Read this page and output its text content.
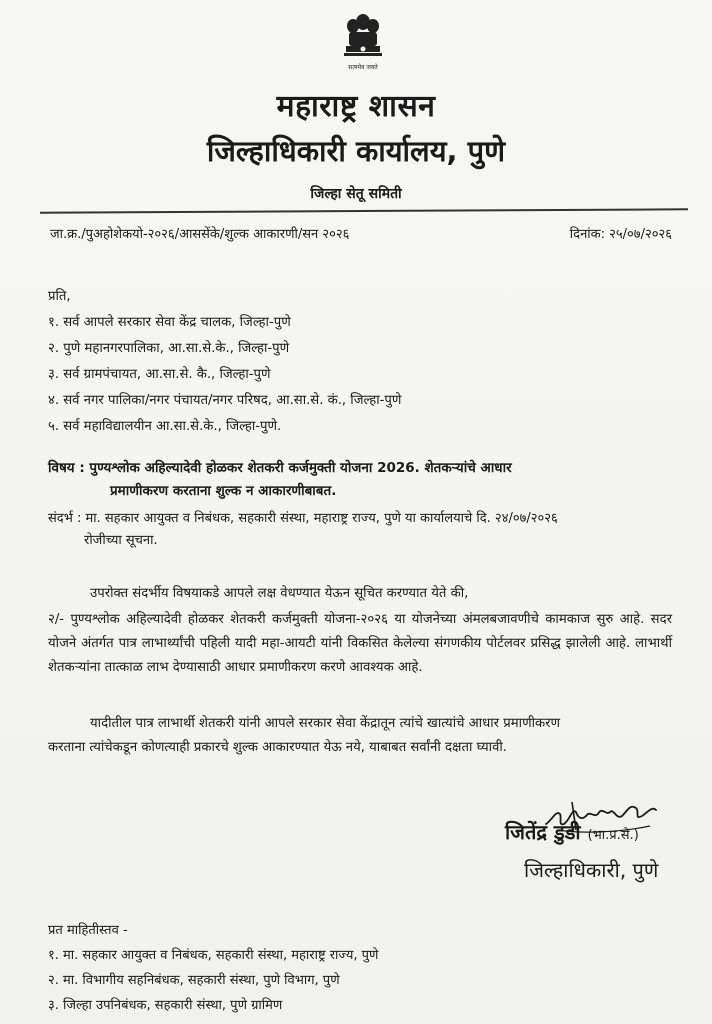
सत्यमेव जयते
महाराष्ट्र शासन
जिल्हाधिकारी कार्यालय, पुणे
जिल्हा सेतू समिती
जा.क्र./पुअहोशेकयो-२०२६/आससेंके/शुल्क आकारणी/सन २०२६	दिनांक: २५/०७/२०२६
प्रति,
१. सर्व आपले सरकार सेवा केंद्र चालक, जिल्हा-पुणे
२. पुणे महानगरपालिका, आ.सा.से.के., जिल्हा-पुणे
३. सर्व ग्रामपंचायत, आ.सा.से. कै., जिल्हा-पुणे
४. सर्व नगर पालिका/नगर पंचायत/नगर परिषद, आ.सा.से. कं., जिल्हा-पुणे
५. सर्व महाविद्यालयीन आ.सा.से.के., जिल्हा-पुणे.
विषय : पुण्यश्लोक अहिल्यादेवी होळकर शेतकरी कर्जमुक्ती योजना 2026. शेतकऱ्यांचे आधार
प्रमाणीकरण करताना शुल्क न आकारणीबाबत.
संदर्भ : मा. सहकार आयुक्त व निबंधक, सहकारी संस्था, महाराष्ट्र राज्य, पुणे या कार्यालयाचे दि. २४/०७/२०२६
रोजीच्या सूचना.
उपरोक्त संदर्भीय विषयाकडे आपले लक्ष वेधण्यात येऊन सूचित करण्यात येते की,
२/- पुण्यश्लोक अहिल्यादेवी होळकर शेतकरी कर्जमुक्ती योजना-२०२६ या योजनेच्या अंमलबजावणीचे कामकाज सुरु आहे. सदर योजने अंतर्गत पात्र लाभार्थ्यांची पहिली यादी महा-आयटी यांनी विकसित केलेल्या संगणकीय पोर्टलवर प्रसिद्ध झालेली आहे. लाभार्थी शेतकऱ्यांना तात्काळ लाभ देण्यासाठी आधार प्रमाणीकरण करणे आवश्यक आहे.
यादीतील पात्र लाभार्थी शेतकरी यांनी आपले सरकार सेवा केंद्रातून त्यांचे खात्यांचे आधार प्रमाणीकरण
करताना त्यांचेकडून कोणत्याही प्रकारचे शुल्क आकारण्यात येऊ नये, याबाबत सर्वांनी दक्षता घ्यावी.
जितेंद्र डुडी (भा.प्र.से.)
जिल्हाधिकारी, पुणे
प्रत माहितीस्तव -
१. मा. सहकार आयुक्त व निबंधक, सहकारी संस्था, महाराष्ट्र राज्य, पुणे
२. मा. विभागीय सहनिबंधक, सहकारी संस्था, पुणे विभाग, पुणे
३. जिल्हा उपनिबंधक, सहकारी संस्था, पुणे ग्रामिण
